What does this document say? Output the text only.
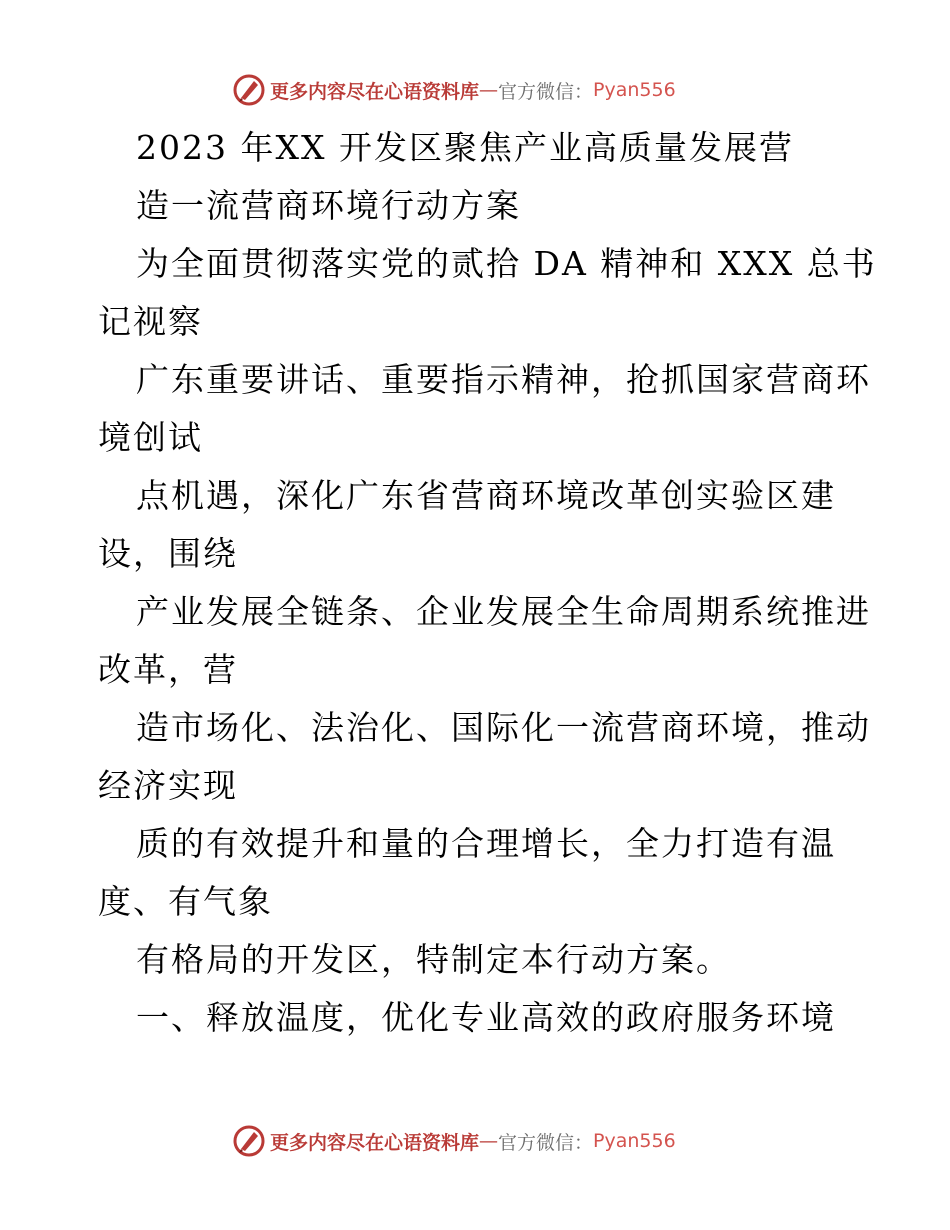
更多内容尽在心语资料库 — 官方微信： Pyan556

2023 年XX 开发区聚焦产业高质量发展营

造一流营商环境行动方案

为全面贯彻落实党的贰拾 DA 精神和 XXX 总书

记视察

广东重要讲话、重要指示精神，抢抓国家营商环

境创试

点机遇，深化广东省营商环境改革创实验区建

设，围绕

产业发展全链条、企业发展全生命周期系统推进

改革，营

造市场化、法治化、国际化一流营商环境，推动

经济实现

质的有效提升和量的合理增长，全力打造有温

度、有气象

有格局的开发区，特制定本行动方案。

一、释放温度，优化专业高效的政府服务环境

更多内容尽在心语资料库 — 官方微信： Pyan556
